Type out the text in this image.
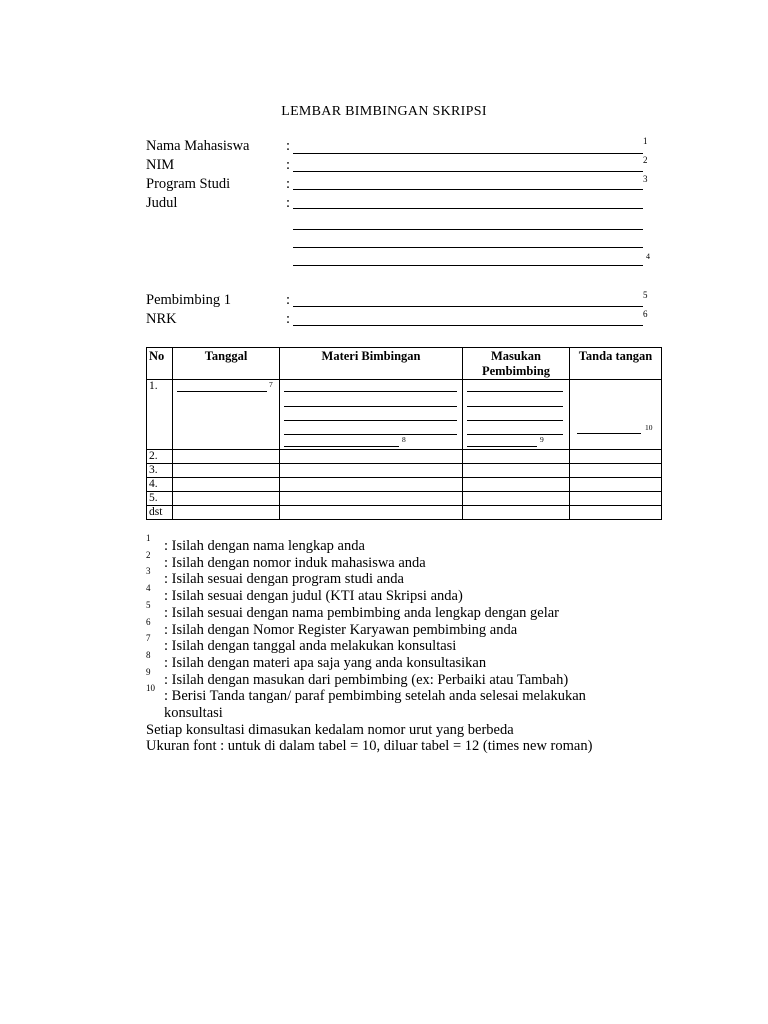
LEMBAR BIMBINGAN SKRIPSI
Nama Mahasiswa	:	1
NIM	:	2
Program Studi	:	3
Judul	:
4
Pembimbing 1	:	5
NRK	:	6
No	Tanggal	Materi Bimbingan	Masukan Pembimbing	Tanda tangan
1.	7	8	9	10

2.				
3.				
4.				
5.				
dst				
1 : Isilah dengan nama lengkap anda
2 : Isilah dengan nomor induk mahasiswa anda
3 : Isilah sesuai dengan program studi anda
4 : Isilah sesuai dengan judul (KTI atau Skripsi anda)
5 : Isilah sesuai dengan nama pembimbing anda lengkap dengan gelar
6 : Isilah dengan Nomor Register Karyawan pembimbing anda
7 : Isilah dengan tanggal anda melakukan konsultasi
8 : Isilah dengan materi apa saja yang anda konsultasikan
9 : Isilah dengan masukan dari pembimbing (ex: Perbaiki atau Tambah)
10 : Berisi Tanda tangan/ paraf pembimbing setelah anda selesai melakukan
konsultasi
Setiap konsultasi dimasukan kedalam nomor urut yang berbeda
Ukuran font : untuk di dalam tabel = 10, diluar tabel = 12 (times new roman)
